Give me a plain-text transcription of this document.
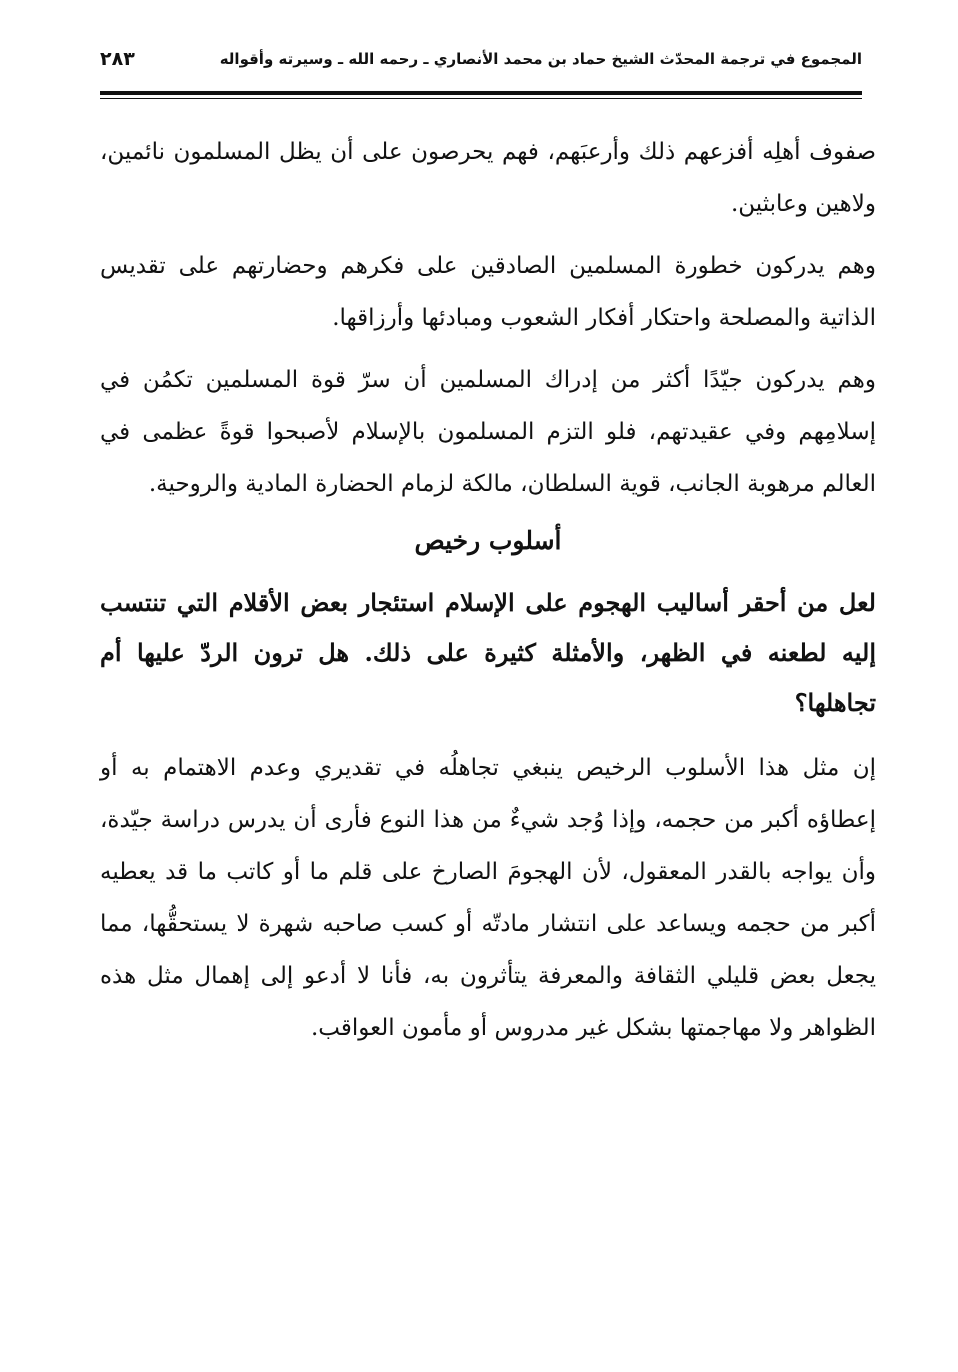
المجموع في ترجمة المحدّث الشيخ حماد بن محمد الأنصاري ـ رحمه الله ـ وسيرته وأقواله
٢٨٣

صفوف أهلِه أفزعهم ذلك وأرعبَهم، فهم يحرصون على أن يظل المسلمون نائمين، ولاهين وعابثين.

وهم يدركون خطورة المسلمين الصادقين على فكرهم وحضارتهم على تقديس الذاتية والمصلحة واحتكار أفكار الشعوب ومبادئها وأرزاقها.

وهم يدركون جيّدًا أكثر من إدراك المسلمين أن سرّ قوة المسلمين تكمُن في إسلامِهم وفي عقيدتهم، فلو التزم المسلمون بالإسلام لأصبحوا قوةً عظمى في العالم مرهوبة الجانب، قوية السلطان، مالكة لزمام الحضارة المادية والروحية.

أسلوب رخيص

لعل من أحقر أساليب الهجوم على الإسلام استئجار بعض الأقلام التي تنتسب إليه لطعنه في الظهر، والأمثلة كثيرة على ذلك. هل ترون الردّ عليها أم تجاهلها؟

إن مثل هذا الأسلوب الرخيص ينبغي تجاهلُه في تقديري وعدم الاهتمام به أو إعطاؤه أكبر من حجمه، وإذا وُجد شيءٌ من هذا النوع فأرى أن يدرس دراسة جيّدة، وأن يواجه بالقدر المعقول، لأن الهجومَ الصارخ على قلم ما أو كاتب ما قد يعطيه أكبر من حجمه ويساعد على انتشار مادتّه أو كسب صاحبه شهرة لا يستحقُّها، مما يجعل بعض قليلي الثقافة والمعرفة يتأثرون به، فأنا لا أدعو إلى إهمال مثل هذه الظواهر ولا مهاجمتها بشكل غير مدروس أو مأمون العواقب.
